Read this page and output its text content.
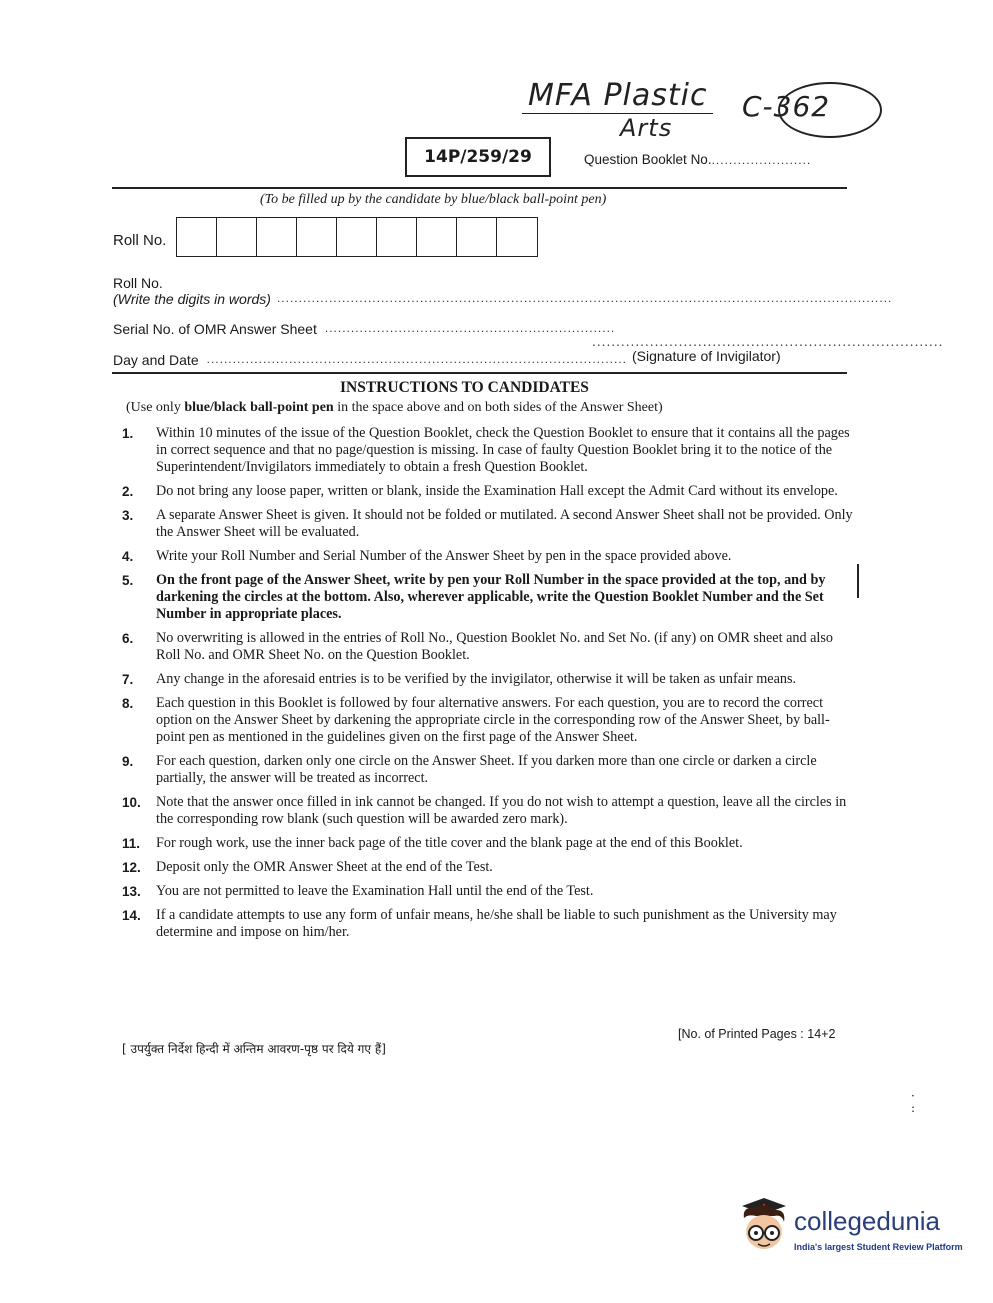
MFA Plastic
Arts
C-362
14P/259/29	Question Booklet No........................
(To be filled up by the candidate by blue/black ball-point pen)
Roll No.
Roll No.
(Write the digits in words) ..............................................................................................................................................
Serial No. of OMR Answer Sheet ...................................................................
Day and Date .................................................................................................
.........................................................................
(Signature of Invigilator)
INSTRUCTIONS TO CANDIDATES
(Use only blue/black ball-point pen in the space above and on both sides of the Answer Sheet)
1.	Within 10 minutes of the issue of the Question Booklet, check the Question Booklet to ensure that it contains all the pages in correct sequence and that no page/question is missing. In case of faulty Question Booklet bring it to the notice of the Superintendent/Invigilators immediately to obtain a fresh Question Booklet.
2.	Do not bring any loose paper, written or blank, inside the Examination Hall except the Admit Card without its envelope.
3.	A separate Answer Sheet is given. It should not be folded or mutilated. A second Answer Sheet shall not be provided. Only the Answer Sheet will be evaluated.
4.	Write your Roll Number and Serial Number of the Answer Sheet by pen in the space provided above.
5.	On the front page of the Answer Sheet, write by pen your Roll Number in the space provided at the top, and by darkening the circles at the bottom. Also, wherever applicable, write the Question Booklet Number and the Set Number in appropriate places.
6.	No overwriting is allowed in the entries of Roll No., Question Booklet No. and Set No. (if any) on OMR sheet and also Roll No. and OMR Sheet No. on the Question Booklet.
7.	Any change in the aforesaid entries is to be verified by the invigilator, otherwise it will be taken as unfair means.
8.	Each question in this Booklet is followed by four alternative answers. For each question, you are to record the correct option on the Answer Sheet by darkening the appropriate circle in the corresponding row of the Answer Sheet, by ball-point pen as mentioned in the guidelines given on the first page of the Answer Sheet.
9.	For each question, darken only one circle on the Answer Sheet. If you darken more than one circle or darken a circle partially, the answer will be treated as incorrect.
10.	Note that the answer once filled in ink cannot be changed. If you do not wish to attempt a question, leave all the circles in the corresponding row blank (such question will be awarded zero mark).
11.	For rough work, use the inner back page of the title cover and the blank page at the end of this Booklet.
12.	Deposit only the OMR Answer Sheet at the end of the Test.
13.	You are not permitted to leave the Examination Hall until the end of the Test.
14.	If a candidate attempts to use any form of unfair means, he/she shall be liable to such punishment as the University may determine and impose on him/her.
[No. of Printed Pages : 14+2
[ उपर्युक्त निर्देश हिन्दी में अन्तिम आवरण-पृष्ठ पर दिये गए हैं]
·
:
collegedunia
India's largest Student Review Platform
